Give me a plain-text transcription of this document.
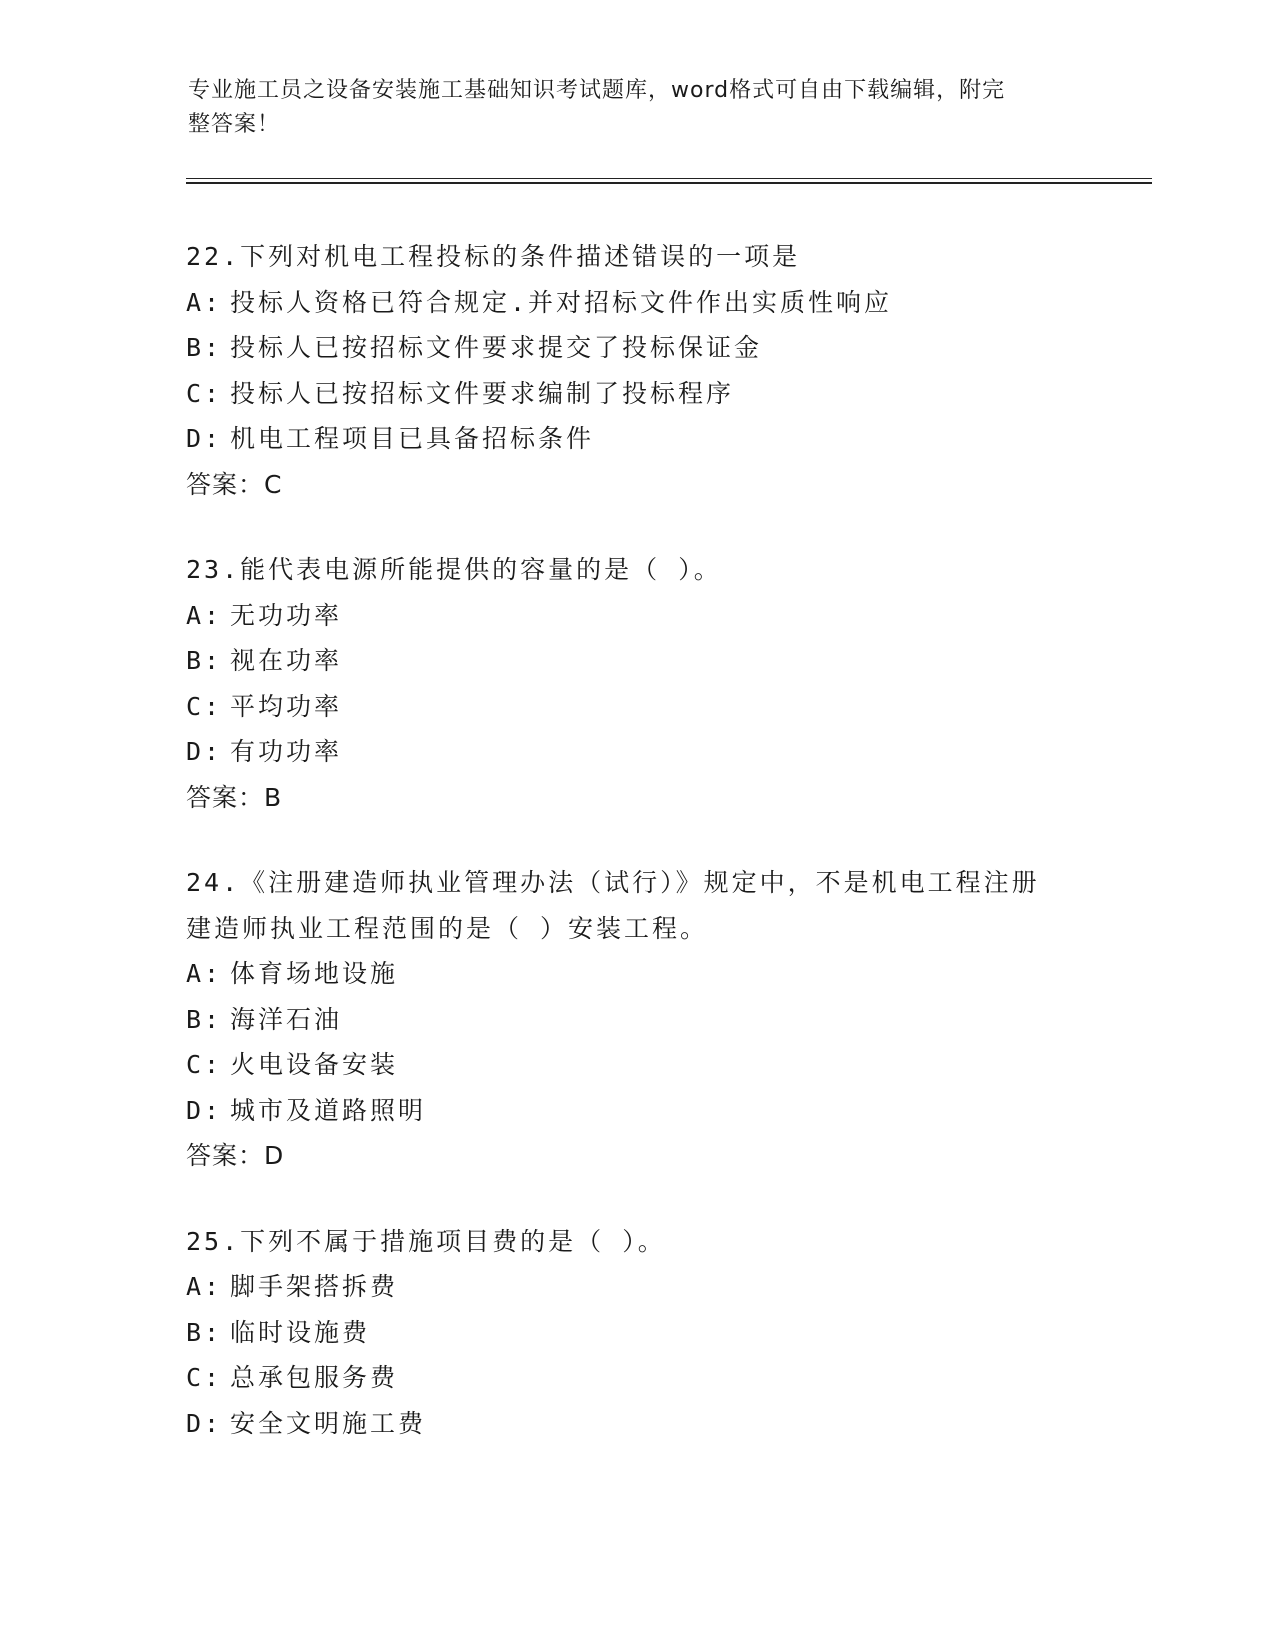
专业施工员之设备安装施工基础知识考试题库，word格式可自由下载编辑，附完
整答案！
22.下列对机电工程投标的条件描述错误的一项是
A: 投标人资格已符合规定.并对招标文件作出实质性响应
B: 投标人已按招标文件要求提交了投标保证金
C: 投标人已按招标文件要求编制了投标程序
D: 机电工程项目已具备招标条件
答案：C
23.能代表电源所能提供的容量的是（ ）。
A: 无功功率
B: 视在功率
C: 平均功率
D: 有功功率
答案：B
24.《注册建造师执业管理办法（试行）》规定中，不是机电工程注册
建造师执业工程范围的是（ ）安装工程。
A: 体育场地设施
B: 海洋石油
C: 火电设备安装
D: 城市及道路照明
答案：D
25.下列不属于措施项目费的是（ ）。
A: 脚手架搭拆费
B: 临时设施费
C: 总承包服务费
D: 安全文明施工费
